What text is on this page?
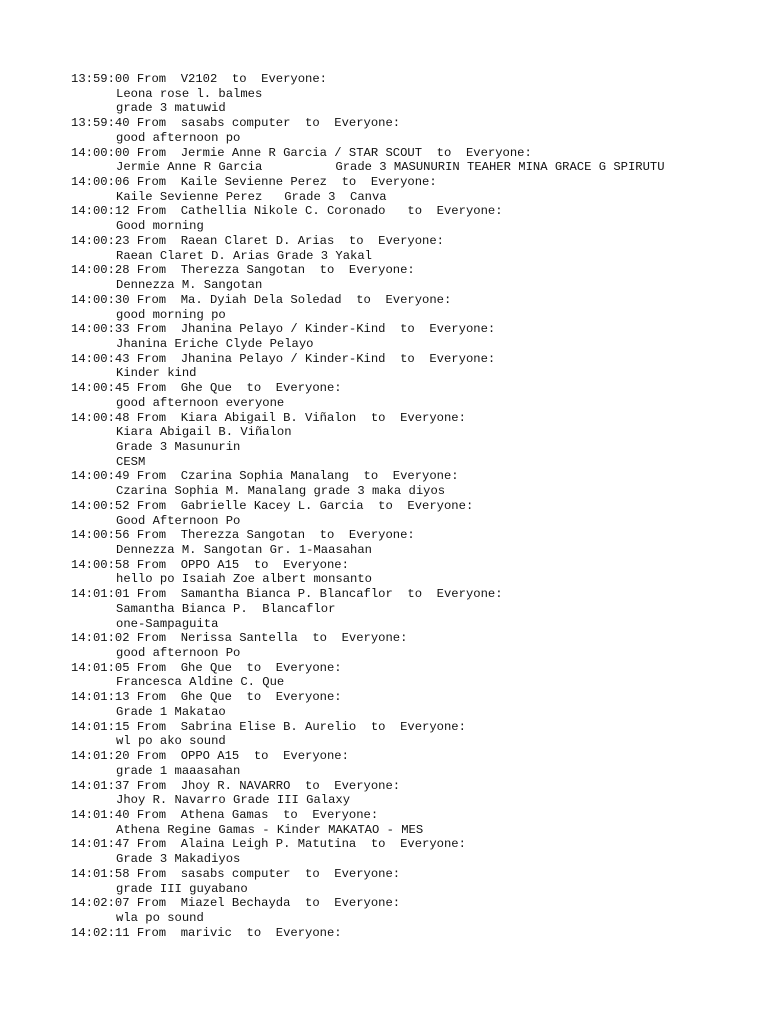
13:59:00 From  V2102  to  Everyone:
Leona rose l. balmes
grade 3 matuwid
13:59:40 From  sasabs computer  to  Everyone:
good afternoon po
14:00:00 From  Jermie Anne R Garcia / STAR SCOUT  to  Everyone:
Jermie Anne R Garcia          Grade 3 MASUNURIN TEAHER MINA GRACE G SPIRUTU
14:00:06 From  Kaile Sevienne Perez  to  Everyone:
Kaile Sevienne Perez   Grade 3  Canva
14:00:12 From  Cathellia Nikole C. Coronado   to  Everyone:
Good morning
14:00:23 From  Raean Claret D. Arias  to  Everyone:
Raean Claret D. Arias Grade 3 Yakal
14:00:28 From  Therezza Sangotan  to  Everyone:
Dennezza M. Sangotan
14:00:30 From  Ma. Dyiah Dela Soledad  to  Everyone:
good morning po
14:00:33 From  Jhanina Pelayo / Kinder-Kind  to  Everyone:
Jhanina Eriche Clyde Pelayo
14:00:43 From  Jhanina Pelayo / Kinder-Kind  to  Everyone:
Kinder kind
14:00:45 From  Ghe Que  to  Everyone:
good afternoon everyone
14:00:48 From  Kiara Abigail B. Viñalon  to  Everyone:
Kiara Abigail B. Viñalon
Grade 3 Masunurin
CESM
14:00:49 From  Czarina Sophia Manalang  to  Everyone:
Czarina Sophia M. Manalang grade 3 maka diyos
14:00:52 From  Gabrielle Kacey L. Garcia  to  Everyone:
Good Afternoon Po
14:00:56 From  Therezza Sangotan  to  Everyone:
Dennezza M. Sangotan Gr. 1-Maasahan
14:00:58 From  OPPO A15  to  Everyone:
hello po Isaiah Zoe albert monsanto
14:01:01 From  Samantha Bianca P. Blancaflor  to  Everyone:
Samantha Bianca P.  Blancaflor
one-Sampaguita
14:01:02 From  Nerissa Santella  to  Everyone:
good afternoon Po
14:01:05 From  Ghe Que  to  Everyone:
Francesca Aldine C. Que
14:01:13 From  Ghe Que  to  Everyone:
Grade 1 Makatao
14:01:15 From  Sabrina Elise B. Aurelio  to  Everyone:
wl po ako sound
14:01:20 From  OPPO A15  to  Everyone:
grade 1 maaasahan
14:01:37 From  Jhoy R. NAVARRO  to  Everyone:
Jhoy R. Navarro Grade III Galaxy
14:01:40 From  Athena Gamas  to  Everyone:
Athena Regine Gamas - Kinder MAKATAO - MES
14:01:47 From  Alaina Leigh P. Matutina  to  Everyone:
Grade 3 Makadiyos
14:01:58 From  sasabs computer  to  Everyone:
grade III guyabano
14:02:07 From  Miazel Bechayda  to  Everyone:
wla po sound
14:02:11 From  marivic  to  Everyone:
